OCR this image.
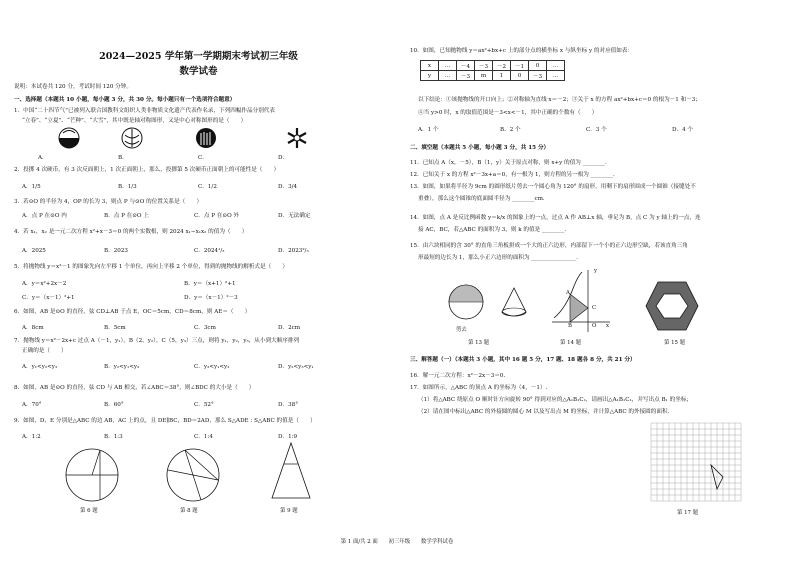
2024—2025 学年第一学期期末考试初三年级
数学试卷
说明：本试卷共 120 分，考试时间 120 分钟。
一、选择题（本题共 10 小题，每小题 3 分，共 30 分。每小题只有一个选项符合题意）
1．中国“二十四节气”已被列入联合国教科文组织人类非物质文化遗产代表作名录，下列四幅作品分别代表
“立春”、“立夏”、“芒种”、“大雪”，其中既是轴对称图形，又是中心对称图形的是（　　）
A．	B．	C．	D．
2．投掷 4 次硬币，有 3 次反面朝上，1 次正面朝上，那么，投掷第 5 次硬币正面朝上的可能性是（　　）
A．1/5	B．1/3	C．1/2	D．3/4
3．若⊙O 的半径为 4，OP 的长为 3，则点 P 与⊙O 的位置关系是（　　）
A．点 P 在⊙O 内	B．点 P 在⊙O 上	C．点 P 在⊙O 外	D．无法确定
4．若 x₁，x₂ 是一元二次方程 x²+x－3＝0 的两个实数根，则 2024 x₁−x₁x₂ 的值为（　　）
A．2025	B．2023	C．2024¹/₃	D．2023²/₃
5．将抛物线 y＝x²－1 的图象先向左平移 1 个单位，再向上平移 2 个单位，得到的抛物线的解析式是（　　）
A．y＝x²+2x－2	B．y＝（x+1）²+1
C．y＝（x－1）²+1	D．y＝（x－1）²－3
6．如图，AB 是⊙O 的直径，弦 CD⊥AB 于点 E，OC＝5cm，CD＝8cm，则 AE＝（　　）
A．8cm	B．5cm	C．3cm	D．2cm
7．抛物线 y＝x²－2x+c 过点 A（－1，y₁），B（2，y₂），C（5，y₃）三点，则将 y₁，y₂，y₃，从小到大顺序排列
正确的是（　　）
A．y₁<y₂<y₃	B．y₂<y₁<y₃	C．y₃<y₁<y₂	D．y₂<y₃<y₁
8．如图，AB 是⊙O 的直径，弦 CD 与 AB 相交，若∠ABC＝38°，则∠BDC 的大小是（　　）
A．70°	B．60°	C．52°	D．38°
9．如图，D、E 分别是△ABC 的边 AB，AC 上的点，且 DE∥BC，BD＝2AD，那么 S△ADE : S△ABC 的值是（　　）
A．1:2	B．1:3	C．1:4	D．1:9
第 6 题	第 8 题	第 9 题
10．如图，已知抛物线 y＝ax²+bx+c 上的部分点的横坐标 x 与纵坐标 y 的对应值如表：
x	…	－4	－3	－2	－1	0	…
y	…	－3	m	1	0	－3	…
以下结论：①该抛物线的开口向上；②对称轴为直线 x＝－2；③关于 x 的方程 ax²+bx+c＝0 的根为－1 和－3；
④当 y>0 时，x 的取值范围是－3<x<－1，其中正确的个数有（　　）
A．1 个	B．2 个	C．3 个	D．4 个
二、填空题（本题共 5 小题，每小题 3 分，共 15 分）
11．已知点 A（x，－5），B（1，y）关于原点对称，则 x+y 的值为 ________.
12．已知关于 x 的方程 x²－3x+a＝0，有一根为 1，则方程的另一根为 ________.
13．如图，如果将半径为 9cm 的圆形纸片剪去一个圆心角为 120° 的扇形，用剩下的扇形围成一个圆锥（接缝处不
重叠），那么这个圆锥的底面圆半径为 ________cm.
14．如图，点 A 是反比例函数 y＝k/x 的图象上的一点，过点 A 作 AB⊥x 轴，垂足为 B，点 C 为 y 轴上的一点，连
接 AC，BC，若△ABC 的面积为 3，则 k 的值是 ________.
15．由六块相同的含 30° 的直角三角板拼成一个大的正六边形，内部留下一个小的正六边形空缺，若该直角三角
形最短的边长为 1，那么小正六边形的面积为 ________________.
剪去
第 13 题
y
A
C
B	O x
第 14 题	第 15 题
三、解答题（一）（本题共 3 小题，其中 16 题 5 分，17 题、18 题各 8 分，共 21 分）
16．解一元二次方程：x²－2x－3＝0.
17．如图所示，△ABC 的顶点 A 的坐标为（4，－1）.
（1）将△ABC 绕原点 O 顺时针方向旋转 90° 得到对应的△A₁B₁C₁，请画出△A₁B₁C₁，并写出点 B₁ 的坐标；
（2）请在图中标出△ABC 的外接圆的圆心 M 以及写出点 M 的坐标，并计算△ABC 的外接圆的面积.
第 17 题
第 1 面/共 2 面　　初三年级　　数学学科试卷
